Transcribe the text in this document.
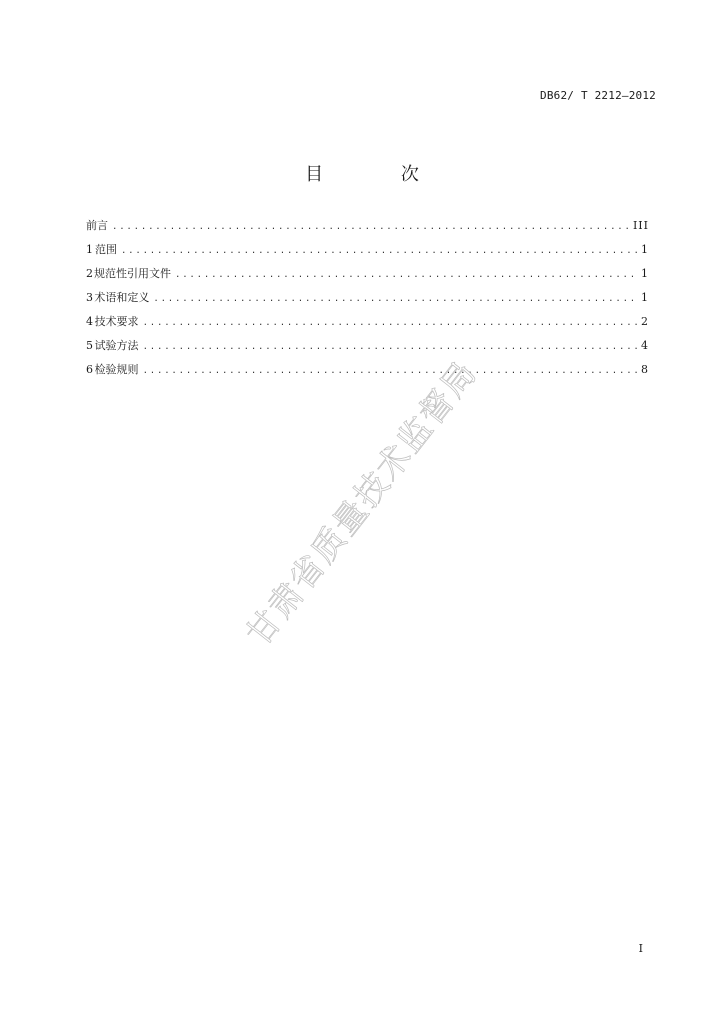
DB62/ T 2212—2012
目 次
前言 .....	III
1 范围 .....	1
2 规范性引用文件 .....	1
3 术语和定义 .....	1
4 技术要求 .....	2
5 试验方法 .....	4
6 检验规则 .....	8
甘肃省质量技术监督局
I
